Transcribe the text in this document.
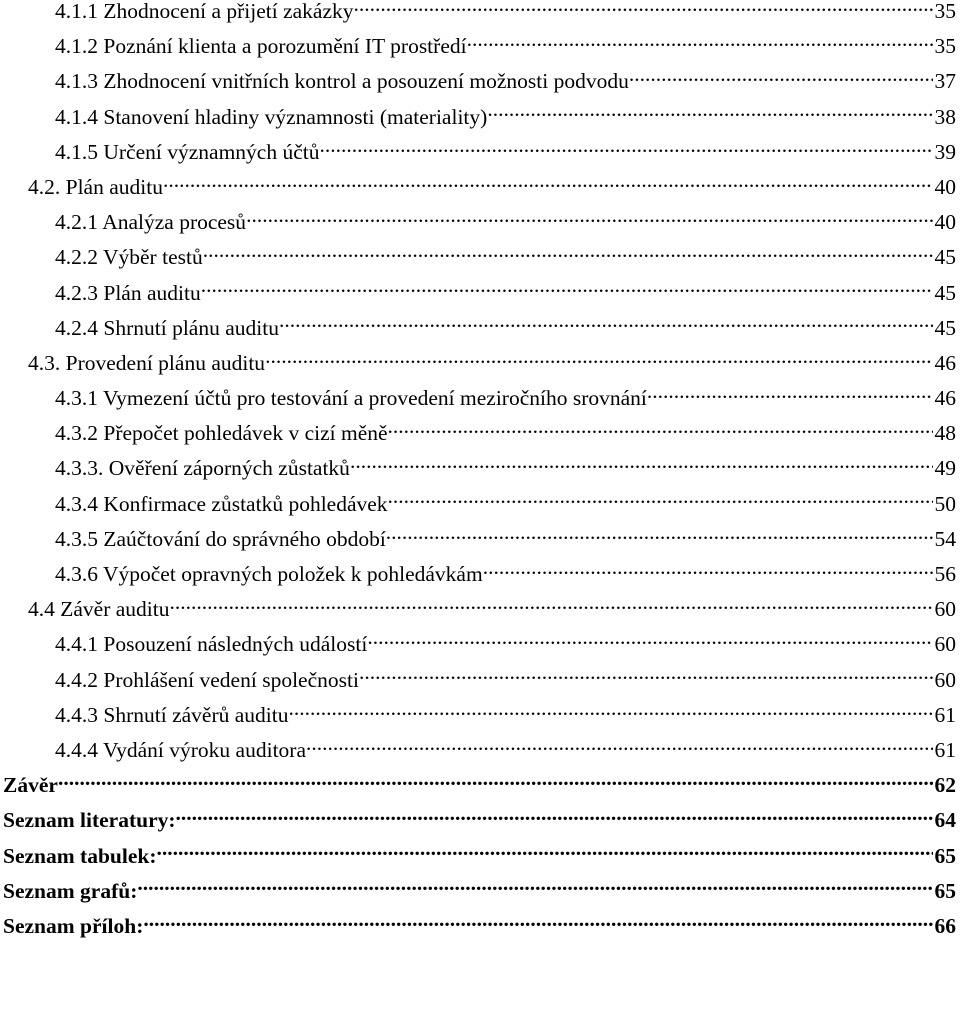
4.1.1 Zhodnocení a přijetí zakázky .....	35
4.1.2 Poznání klienta a porozumění IT prostředí .....	35
4.1.3 Zhodnocení vnitřních kontrol a posouzení možnosti podvodu .....	37
4.1.4 Stanovení hladiny významnosti (materiality) .....	38
4.1.5 Určení významných účtů .....	39
4.2. Plán auditu .....	40
4.2.1 Analýza procesů .....	40
4.2.2 Výběr testů .....	45
4.2.3 Plán auditu .....	45
4.2.4 Shrnutí plánu auditu .....	45
4.3. Provedení plánu auditu .....	46
4.3.1 Vymezení účtů pro testování a provedení meziročního srovnání .....	46
4.3.2 Přepočet pohledávek v cizí měně .....	48
4.3.3. Ověření záporných zůstatků .....	49
4.3.4 Konfirmace zůstatků pohledávek .....	50
4.3.5 Zaúčtování do správného období .....	54
4.3.6 Výpočet opravných položek k pohledávkám .....	56
4.4 Závěr auditu .....	60
4.4.1 Posouzení následných událostí .....	60
4.4.2 Prohlášení vedení společnosti .....	60
4.4.3 Shrnutí závěrů auditu .....	61
4.4.4 Vydání výroku auditora .....	61
Závěr .....	62
Seznam literatury: .....	64
Seznam tabulek: .....	65
Seznam grafů: .....	65
Seznam příloh: .....	66
